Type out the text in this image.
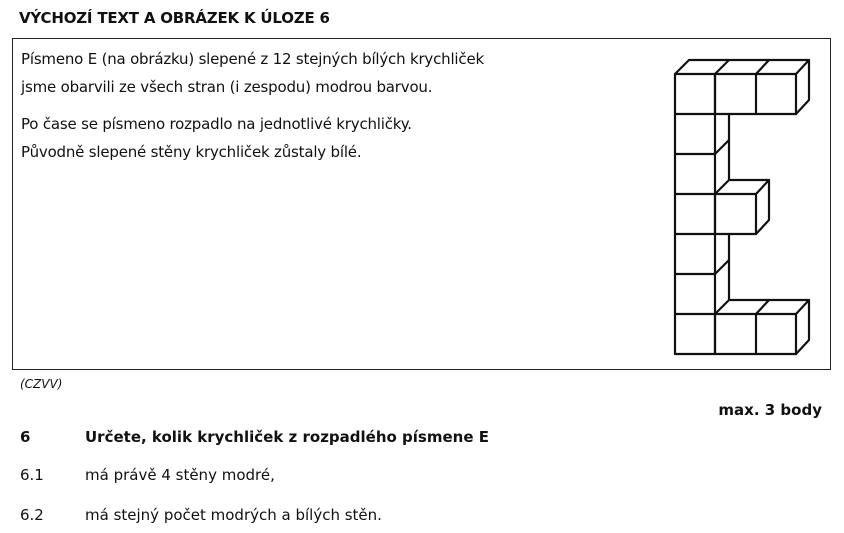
VÝCHOZÍ TEXT A OBRÁZEK K ÚLOZE 6
Písmeno E (na obrázku) slepené z 12 stejných bílých krychliček
jsme obarvili ze všech stran (i zespodu) modrou barvou.
Po čase se písmeno rozpadlo na jednotlivé krychličky.
Původně slepené stěny krychliček zůstaly bílé.
(CZVV)
max. 3 body
6	Určete, kolik krychliček z rozpadlého písmene E
6.1	má právě 4 stěny modré,
6.2	má stejný počet modrých a bílých stěn.
